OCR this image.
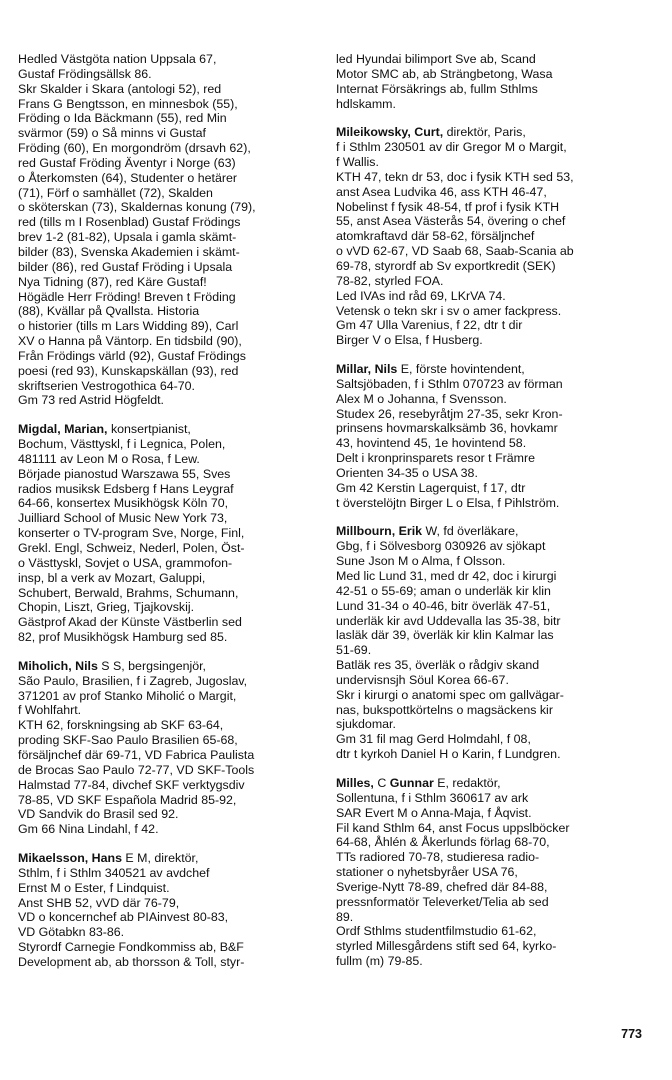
Hedled Västgöta nation Uppsala 67,
Gustaf Frödingsällsk 86.
Skr Skalder i Skara (antologi 52), red
Frans G Bengtsson, en minnesbok (55),
Fröding o Ida Bäckmann (55), red Min
svärmor (59) o Så minns vi Gustaf
Fröding (60), En morgondröm (drsavh 62),
red Gustaf Fröding Äventyr i Norge (63)
o Återkomsten (64), Studenter o hetärer
(71), Förf o samhället (72), Skalden
o sköterskan (73), Skaldernas konung (79),
red (tills m I Rosenblad) Gustaf Frödings
brev 1-2 (81-82), Upsala i gamla skämt-
bilder (83), Svenska Akademien i skämt-
bilder (86), red Gustaf Fröding i Upsala
Nya Tidning (87), red Käre Gustaf!
Högädle Herr Fröding! Breven t Fröding
(88), Kvällar på Qvallsta. Historia
o historier (tills m Lars Widding 89), Carl
XV o Hanna på Väntorp. En tidsbild (90),
Från Frödings värld (92), Gustaf Frödings
poesi (red 93), Kunskapskällan (93), red
skriftserien Vestrogothica 64-70.
Gm 73 red Astrid Högfeldt.
Migdal, Marian, konsertpianist,
Bochum, Västtyskl, f i Legnica, Polen,
481111 av Leon M o Rosa, f Lew.
Började pianostud Warszawa 55, Sves
radios musiksk Edsberg f Hans Leygraf
64-66, konsertex Musikhögsk Köln 70,
Juilliard School of Music New York 73,
konserter o TV-program Sve, Norge, Finl,
Grekl. Engl, Schweiz, Nederl, Polen, Öst-
o Västtyskl, Sovjet o USA, grammofon-
insp, bl a verk av Mozart, Galuppi,
Schubert, Berwald, Brahms, Schumann,
Chopin, Liszt, Grieg, Tjajkovskij.
Gästprof Akad der Künste Västberlin sed
82, prof Musikhögsk Hamburg sed 85.
Miholich, Nils S S, bergsingenjör,
São Paulo, Brasilien, f i Zagreb, Jugoslav,
371201 av prof Stanko Miholić o Margit,
f Wohlfahrt.
KTH 62, forskningsing ab SKF 63-64,
proding SKF-Sao Paulo Brasilien 65-68,
försäljnchef där 69-71, VD Fabrica Paulista
de Brocas Sao Paulo 72-77, VD SKF-Tools
Halmstad 77-84, divchef SKF verktygsdiv
78-85, VD SKF Española Madrid 85-92,
VD Sandvik do Brasil sed 92.
Gm 66 Nina Lindahl, f 42.
Mikaelsson, Hans E M, direktör,
Sthlm, f i Sthlm 340521 av avdchef
Ernst M o Ester, f Lindquist.
Anst SHB 52, vVD där 76-79,
VD o koncernchef ab PIAinvest 80-83,
VD Götabkn 83-86.
Styrordf Carnegie Fondkommiss ab, B&F
Development ab, ab thorsson & Toll, styr-
led Hyundai bilimport Sve ab, Scand
Motor SMC ab, ab Strängbetong, Wasa
Internat Försäkrings ab, fullm Sthlms
hdlskamm.
Mileikowsky, Curt, direktör, Paris,
f i Sthlm 230501 av dir Gregor M o Margit,
f Wallis.
KTH 47, tekn dr 53, doc i fysik KTH sed 53,
anst Asea Ludvika 46, ass KTH 46-47,
Nobelinst f fysik 48-54, tf prof i fysik KTH
55, anst Asea Västerås 54, övering o chef
atomkraftavd där 58-62, försäljnchef
o vVD 62-67, VD Saab 68, Saab-Scania ab
69-78, styrordf ab Sv exportkredit (SEK)
78-82, styrled FOA.
Led IVAs ind råd 69, LKrVA 74.
Vetensk o tekn skr i sv o amer fackpress.
Gm 47 Ulla Varenius, f 22, dtr t dir
Birger V o Elsa, f Husberg.
Millar, Nils E, förste hovintendent,
Saltsjöbaden, f i Sthlm 070723 av förman
Alex M o Johanna, f Svensson.
Studex 26, resebyråtjm 27-35, sekr Kron-
prinsens hovmarskalksämb 36, hovkamr
43, hovintend 45, 1e hovintend 58.
Delt i kronprinsparets resor t Främre
Orienten 34-35 o USA 38.
Gm 42 Kerstin Lagerquist, f 17, dtr
t överstelöjtn Birger L o Elsa, f Pihlström.
Millbourn, Erik W, fd överläkare,
Gbg, f i Sölvesborg 030926 av sjökapt
Sune Json M o Alma, f Olsson.
Med lic Lund 31, med dr 42, doc i kirurgi
42-51 o 55-69; aman o underläk kir klin
Lund 31-34 o 40-46, bitr överläk 47-51,
underläk kir avd Uddevalla las 35-38, bitr
lasläk där 39, överläk kir klin Kalmar las
51-69.
Batläk res 35, överläk o rådgiv skand
undervisnsjh Söul Korea 66-67.
Skr i kirurgi o anatomi spec om gallvägar-
nas, bukspottkörtelns o magsäckens kir
sjukdomar.
Gm 31 fil mag Gerd Holmdahl, f 08,
dtr t kyrkoh Daniel H o Karin, f Lundgren.
Milles, C Gunnar E, redaktör,
Sollentuna, f i Sthlm 360617 av ark
SAR Evert M o Anna-Maja, f Åqvist.
Fil kand Sthlm 64, anst Focus uppslböcker
64-68, Åhlén & Åkerlunds förlag 68-70,
TTs radiored 70-78, studieresa radio-
stationer o nyhetsbyråer USA 76,
Sverige-Nytt 78-89, chefred där 84-88,
pressnformatör Televerket/Telia ab sed
89.
Ordf Sthlms studentfilmstudio 61-62,
styrled Millesgårdens stift sed 64, kyrko-
fullm (m) 79-85.
773
